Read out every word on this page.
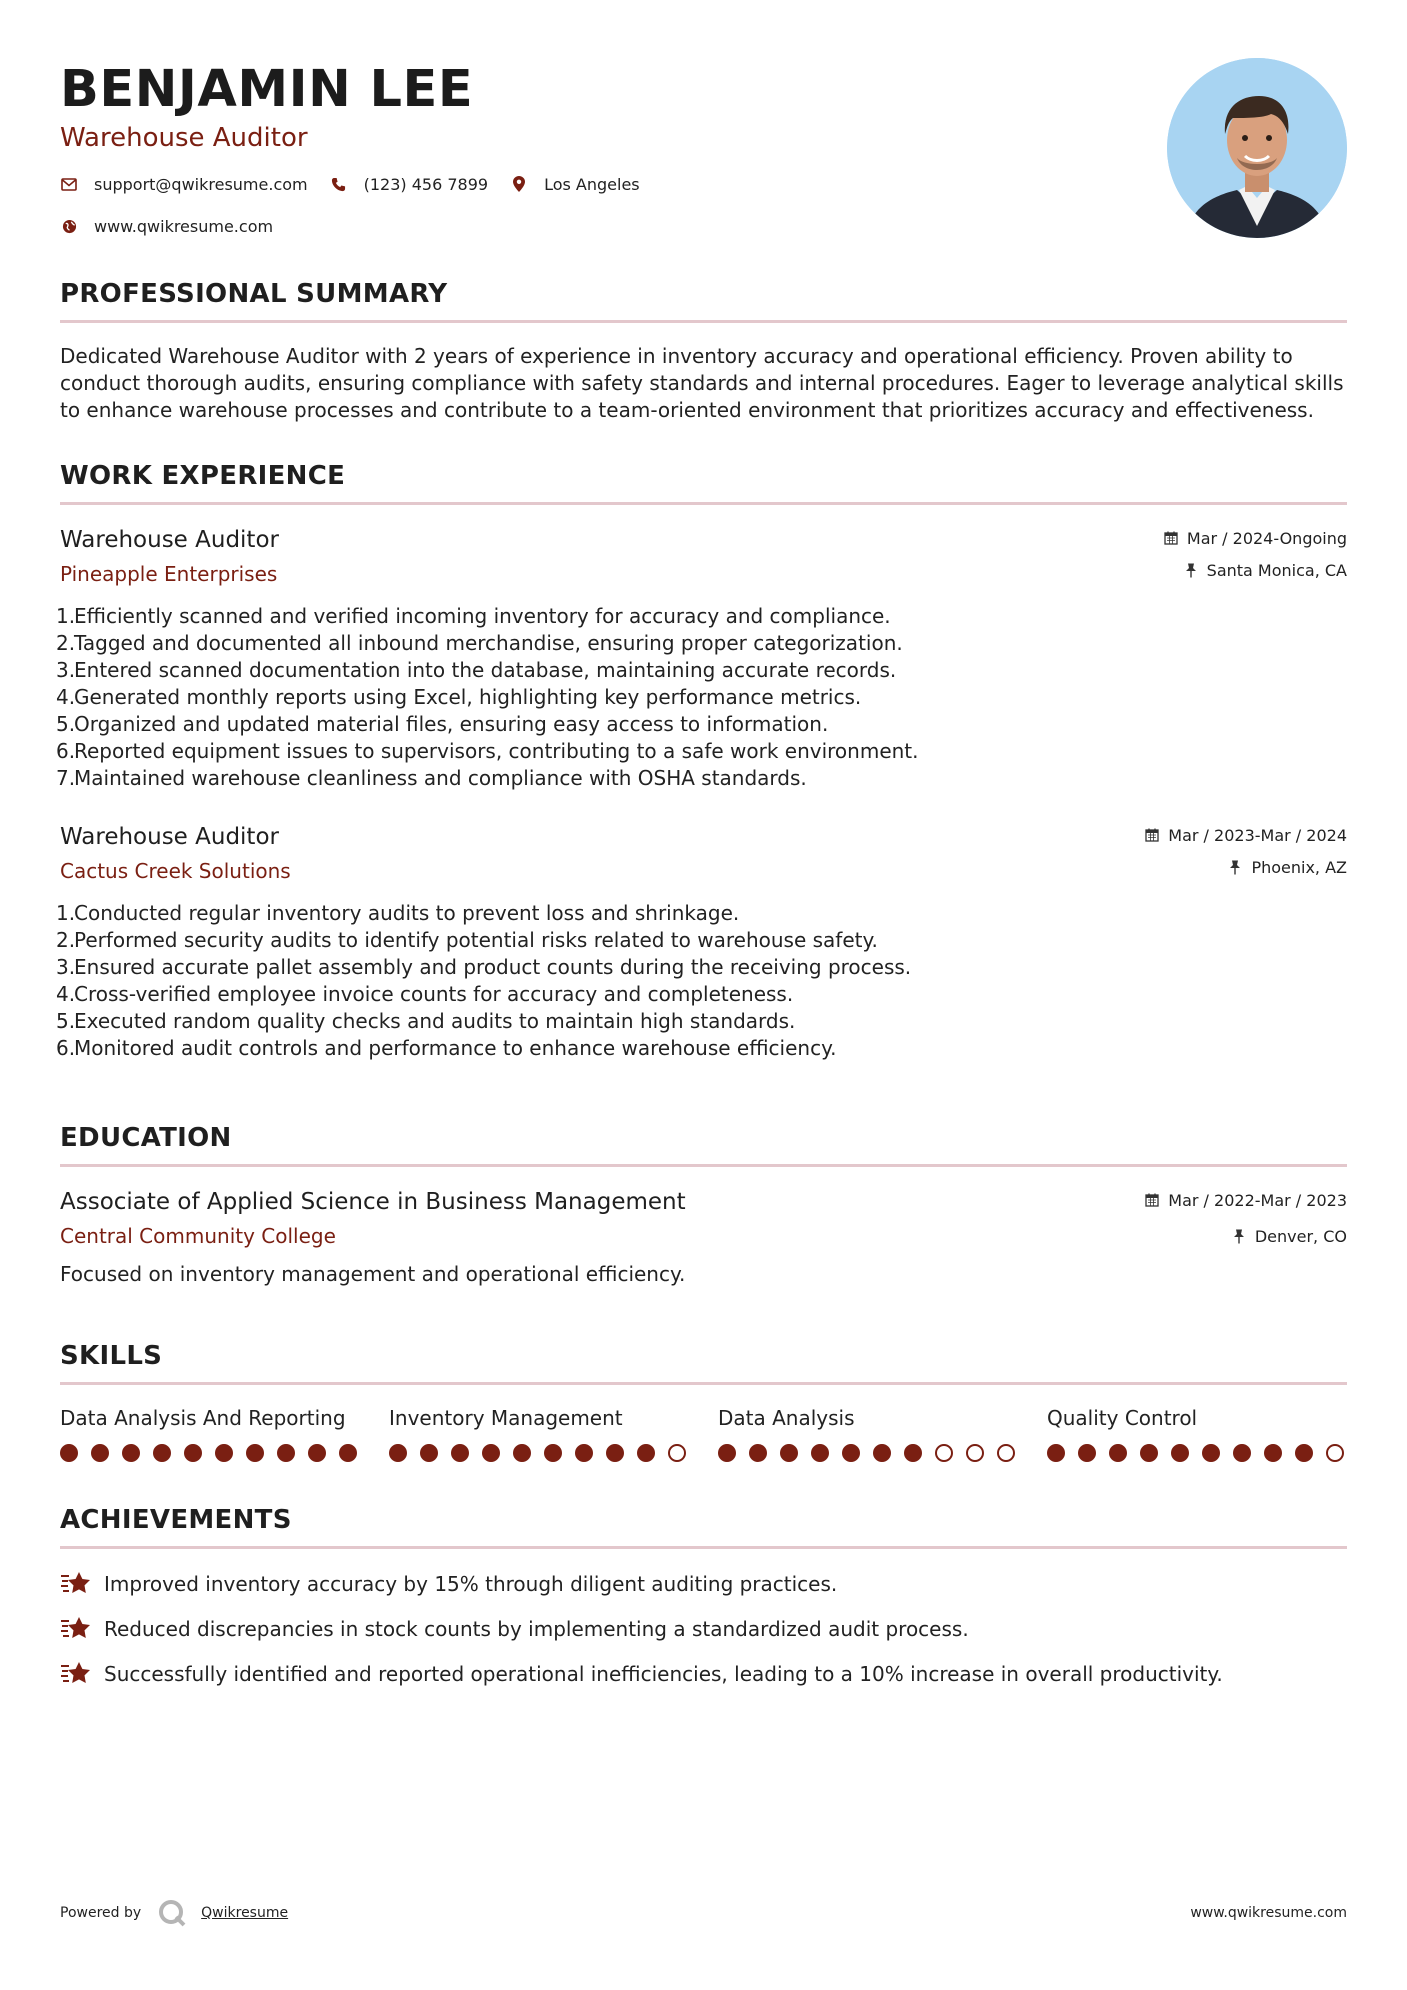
BENJAMIN LEE
Warehouse Auditor
support@qwikresume.com	(123) 456 7899	Los Angeles
www.qwikresume.com
PROFESSIONAL SUMMARY

Dedicated Warehouse Auditor with 2 years of experience in inventory accuracy and operational efficiency. Proven ability to conduct thorough audits, ensuring compliance with safety standards and internal procedures. Eager to leverage analytical skills to enhance warehouse processes and contribute to a team-oriented environment that prioritizes accuracy and effectiveness.

WORK EXPERIENCE
Warehouse Auditor
Pineapple Enterprises
Mar / 2024-Ongoing
Santa Monica, CA
1.
Efficiently scanned and verified incoming inventory for accuracy and compliance.
2.
Tagged and documented all inbound merchandise, ensuring proper categorization.
3.
Entered scanned documentation into the database, maintaining accurate records.
4.
Generated monthly reports using Excel, highlighting key performance metrics.
5.
Organized and updated material files, ensuring easy access to information.
6.
Reported equipment issues to supervisors, contributing to a safe work environment.
7.
Maintained warehouse cleanliness and compliance with OSHA standards.
Warehouse Auditor
Cactus Creek Solutions
Mar / 2023-Mar / 2024
Phoenix, AZ
1.
Conducted regular inventory audits to prevent loss and shrinkage.
2.
Performed security audits to identify potential risks related to warehouse safety.
3.
Ensured accurate pallet assembly and product counts during the receiving process.
4.
Cross-verified employee invoice counts for accuracy and completeness.
5.
Executed random quality checks and audits to maintain high standards.
6.
Monitored audit controls and performance to enhance warehouse efficiency.
EDUCATION
Associate of Applied Science in Business Management
Central Community College
Mar / 2022-Mar / 2023
Denver, CO

Focused on inventory management and operational efficiency.

SKILLS
Data Analysis And Reporting	Inventory Management	Data Analysis	Quality Control
ACHIEVEMENTS
Improved inventory accuracy by 15% through diligent auditing practices.
Reduced discrepancies in stock counts by implementing a standardized audit process.
Successfully identified and reported operational inefficiencies, leading to a 10% increase in overall productivity.
Powered by	Qwikresume	www.qwikresume.com
